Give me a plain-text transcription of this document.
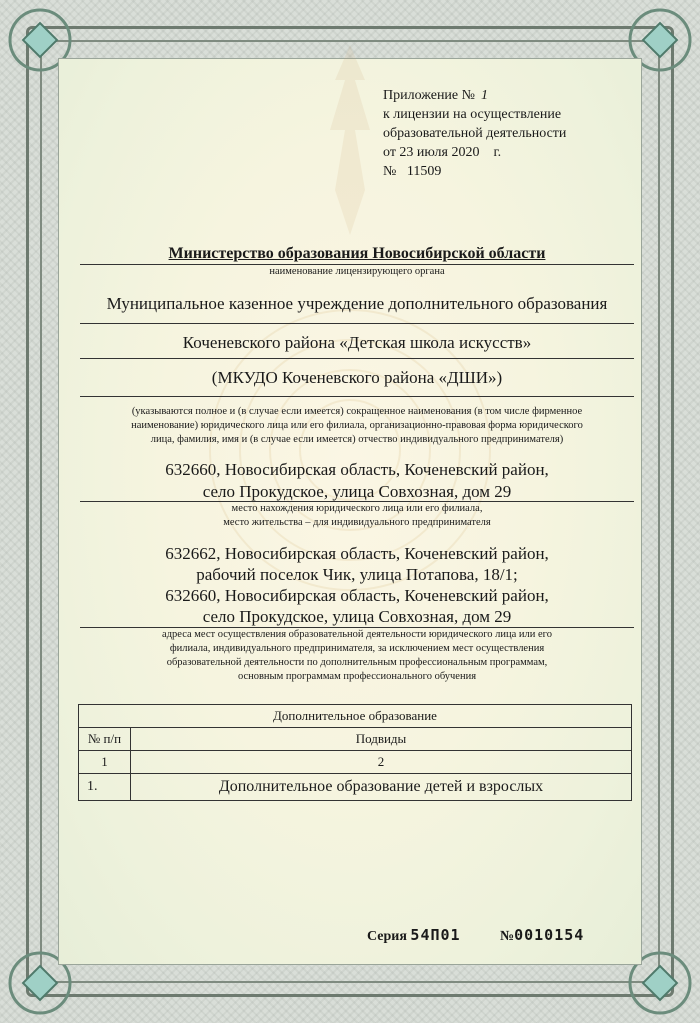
Приложение № 1
к лицензии на осуществление
образовательной деятельности
от 23 июля 2020 г.
№ 11509
Министерство образования Новосибирской области
наименование лицензирующего органа
Муниципальное казенное учреждение дополнительного образования
Коченевского района «Детская школа искусств»
(МКУДО Коченевского района «ДШИ»)
(указываются полное и (в случае если имеется) сокращенное наименования (в том числе фирменное
наименование) юридического лица или его филиала, организационно-правовая форма юридического
лица, фамилия, имя и (в случае если имеется) отчество индивидуального предпринимателя)
632660, Новосибирская область, Коченевский район,
село Прокудское, улица Совхозная, дом 29
место нахождения юридического лица или его филиала,
место жительства – для индивидуального предпринимателя
632662, Новосибирская область, Коченевский район,
рабочий поселок Чик, улица Потапова, 18/1;
632660, Новосибирская область, Коченевский район,
село Прокудское, улица Совхозная, дом 29
адреса мест осуществления образовательной деятельности юридического лица или его
филиала, индивидуального предпринимателя, за исключением мест осуществления
образовательной деятельности по дополнительным профессиональным программам,
основным программам профессионального обучения
Дополнительное образование	
№ п/п	Подвиды
1	2
1.	Дополнительное образование детей и взрослых
Серия 54П01	№0010154
